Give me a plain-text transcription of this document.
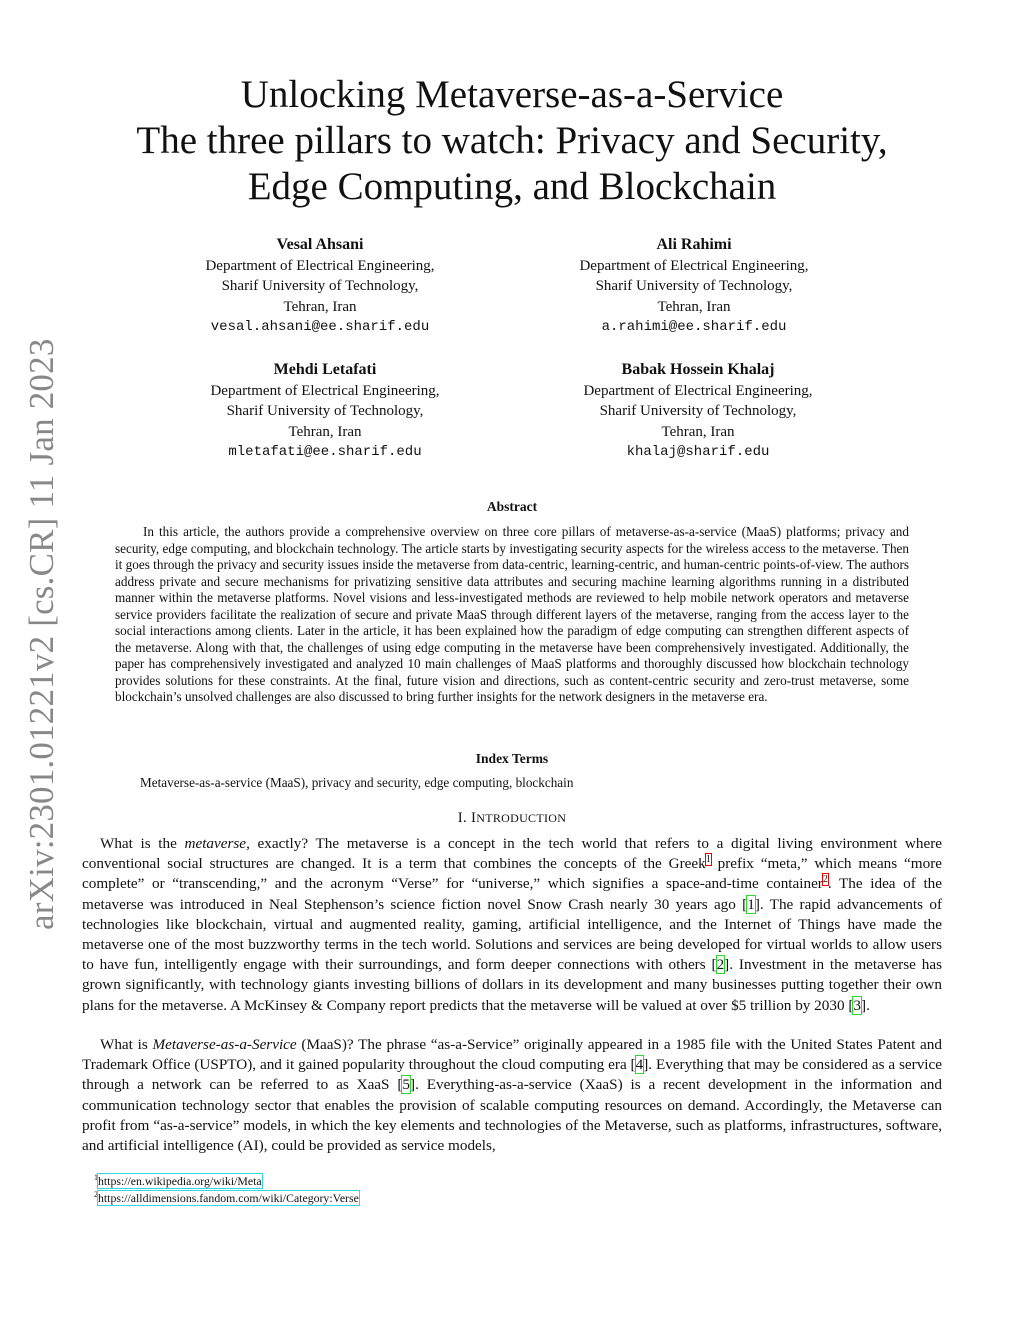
arXiv:2301.01221v2 [cs.CR] 11 Jan 2023
Unlocking Metaverse-as-a-Service
The three pillars to watch: Privacy and Security,
Edge Computing, and Blockchain
Vesal Ahsani
Department of Electrical Engineering,
Sharif University of Technology,
Tehran, Iran
vesal.ahsani@ee.sharif.edu
Ali Rahimi
Department of Electrical Engineering,
Sharif University of Technology,
Tehran, Iran
a.rahimi@ee.sharif.edu
Mehdi Letafati
Department of Electrical Engineering,
Sharif University of Technology,
Tehran, Iran
mletafati@ee.sharif.edu
Babak Hossein Khalaj
Department of Electrical Engineering,
Sharif University of Technology,
Tehran, Iran
khalaj@sharif.edu
Abstract
In this article, the authors provide a comprehensive overview on three core pillars of metaverse-as-a-service (MaaS) platforms; privacy and security, edge computing, and blockchain technology. The article starts by investigating security aspects for the wireless access to the metaverse. Then it goes through the privacy and security issues inside the metaverse from data-centric, learning-centric, and human-centric points-of-view. The authors address private and secure mechanisms for privatizing sensitive data attributes and securing machine learning algorithms running in a distributed manner within the metaverse platforms. Novel visions and less-investigated methods are reviewed to help mobile network operators and metaverse service providers facilitate the realization of secure and private MaaS through different layers of the metaverse, ranging from the access layer to the social interactions among clients. Later in the article, it has been explained how the paradigm of edge computing can strengthen different aspects of the metaverse. Along with that, the challenges of using edge computing in the metaverse have been comprehensively investigated. Additionally, the paper has comprehensively investigated and analyzed 10 main challenges of MaaS platforms and thoroughly discussed how blockchain technology provides solutions for these constraints. At the final, future vision and directions, such as content-centric security and zero-trust metaverse, some blockchain’s unsolved challenges are also discussed to bring further insights for the network designers in the metaverse era.
Index Terms
Metaverse-as-a-service (MaaS), privacy and security, edge computing, blockchain
I. INTRODUCTION
What is the metaverse, exactly? The metaverse is a concept in the tech world that refers to a digital living environment where conventional social structures are changed. It is a term that combines the concepts of the Greek$^1$ prefix “meta,” which means “more complete” or “transcending,” and the acronym “Verse” for “universe,” which signifies a space-and-time container$^2$. The idea of the metaverse was introduced in Neal Stephenson’s science fiction novel Snow Crash nearly 30 years ago [1]. The rapid advancements of technologies like blockchain, virtual and augmented reality, gaming, artificial intelligence, and the Internet of Things have made the metaverse one of the most buzzworthy terms in the tech world. Solutions and services are being developed for virtual worlds to allow users to have fun, intelligently engage with their surroundings, and form deeper connections with others [2]. Investment in the metaverse has grown significantly, with technology giants investing billions of dollars in its development and many businesses putting together their own plans for the metaverse. A McKinsey & Company report predicts that the metaverse will be valued at over $5 trillion by 2030 [3].
What is Metaverse-as-a-Service (MaaS)? The phrase “as-a-Service” originally appeared in a 1985 file with the United States Patent and Trademark Office (USPTO), and it gained popularity throughout the cloud computing era [4]. Everything that may be considered as a service through a network can be referred to as XaaS [5]. Everything-as-a-service (XaaS) is a recent development in the information and communication technology sector that enables the provision of scalable computing resources on demand. Accordingly, the Metaverse can profit from “as-a-service” models, in which the key elements and technologies of the Metaverse, such as platforms, infrastructures, software, and artificial intelligence (AI), could be provided as service models,
$^1$https://en.wikipedia.org/wiki/Meta
$^2$https://alldimensions.fandom.com/wiki/Category:Verse
